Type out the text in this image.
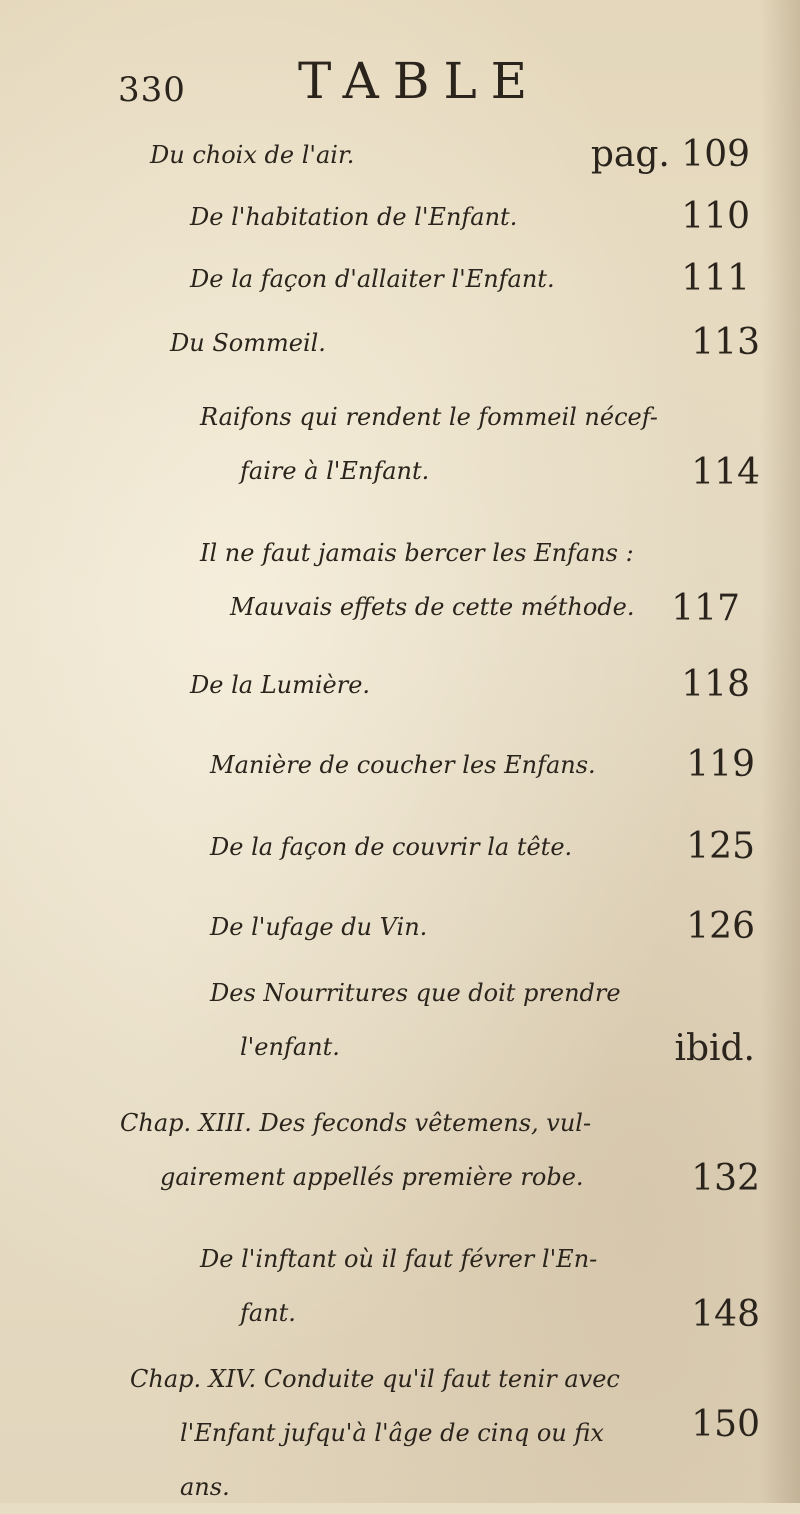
330 TABLE
Du choix de l'air.	pag. 109
De l'habitation de l'Enfant.	110
De la façon d'allaiter l'Enfant.	111
Du Sommeil.	113
Raifons qui rendent le fommeil nécef-
faire à l'Enfant.	114
Il ne faut jamais bercer les Enfans :
Mauvais effets de cette méthode.	117
De la Lumière.	118
Manière de coucher les Enfans.	119
De la façon de couvrir la tête.	125
De l'ufage du Vin.	126
Des Nourritures que doit prendre
l'enfant.	ibid.
Chap. XIII. Des feconds vêtemens, vul-
gairement appellés première robe.	132
De l'inftant où il faut févrer l'En-
fant.	148
Chap. XIV. Conduite qu'il faut tenir avec
l'Enfant jufqu'à l'âge de cinq ou fix
ans.
150
